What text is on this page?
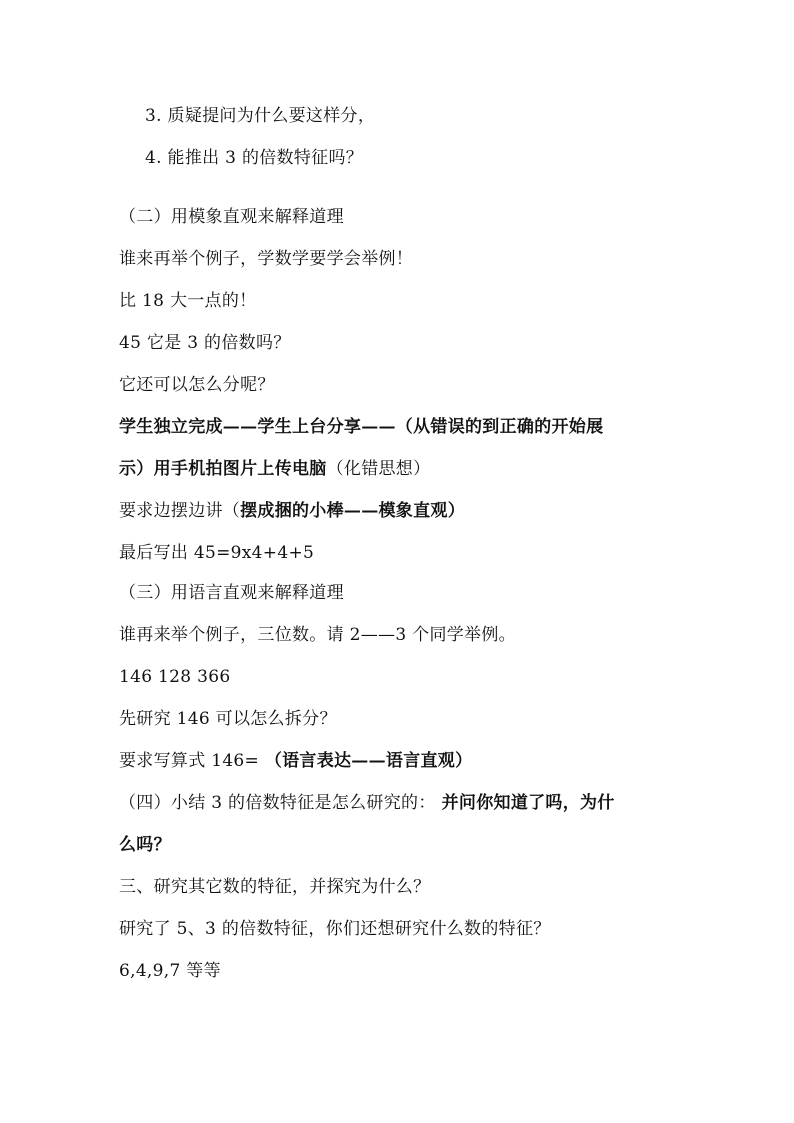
3. 质疑提问为什么要这样分，
4. 能推出 3 的倍数特征吗？
（二）用模象直观来解释道理
谁来再举个例子，学数学要学会举例！
比 18 大一点的！
45 它是 3 的倍数吗？
它还可以怎么分呢？
学生独立完成——学生上台分享——（从错误的到正确的开始展
示）用手机拍图片上传电脑（化错思想）
要求边摆边讲（摆成捆的小棒——模象直观）
最后写出 45=9x4+4+5
（三）用语言直观来解释道理
谁再来举个例子，三位数。请 2——3 个同学举例。
146 128 366
先研究 146 可以怎么拆分？
要求写算式 146= （语言表达——语言直观）
（四）小结 3 的倍数特征是怎么研究的： 并问你知道了吗，为什
么吗？
三、研究其它数的特征，并探究为什么？
研究了 5、3 的倍数特征，你们还想研究什么数的特征？
6,4,9,7 等等
